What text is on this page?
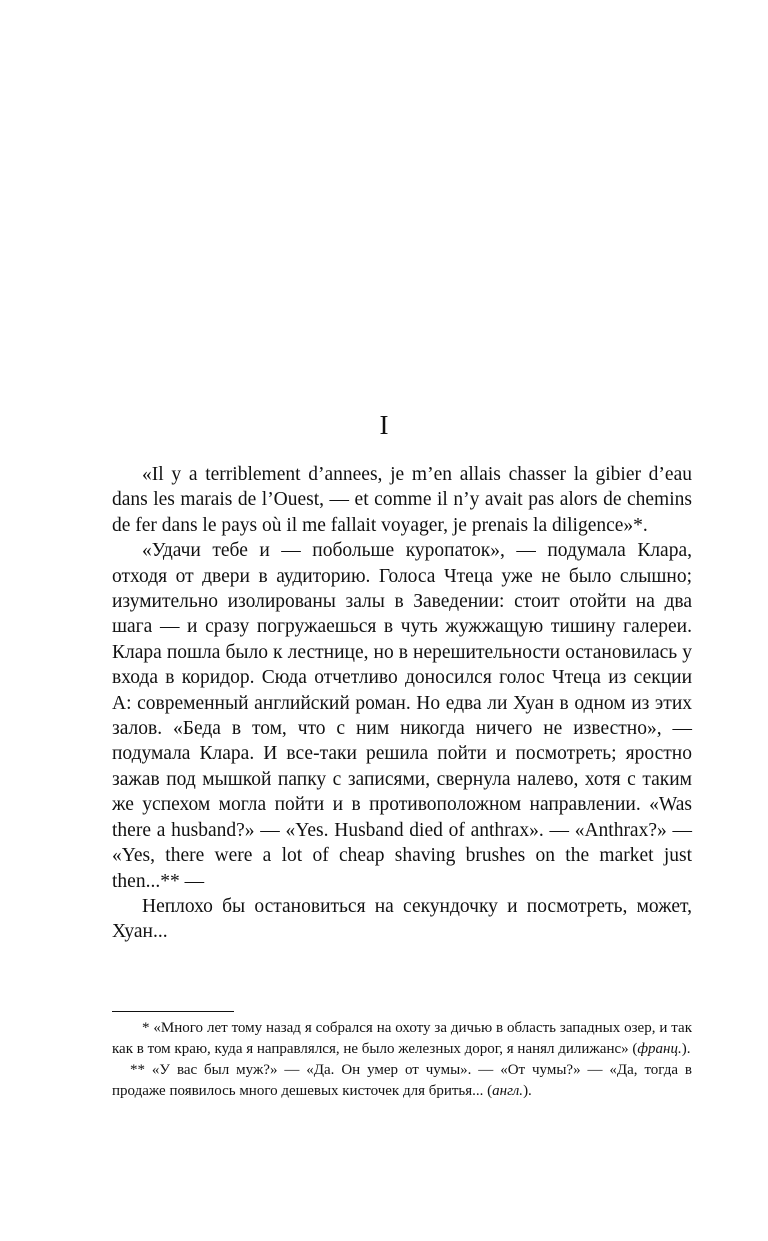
I

«Il y a terriblement d’annees, je m’en allais chasser la gibier d’eau dans les marais de l’Ouest, — et comme il n’y avait pas alors de chemins de fer dans le pays où il me fallait voyager, je prenais la diligence»*.

«Удачи тебе и — побольше куропаток», — подумала Клара, отходя от двери в аудиторию. Голоса Чтеца уже не было слышно; изумительно изолированы залы в Заведении: стоит отойти на два шага — и сразу погружаешься в чуть жужжащую тишину галереи. Клара пошла было к лестнице, но в нерешительности остановилась у входа в коридор. Сюда отчетливо доносился голос Чтеца из секции А: современный английский роман. Но едва ли Хуан в одном из этих залов. «Беда в том, что с ним никогда ничего не известно», — подумала Клара. И все-таки решила пойти и посмотреть; яростно зажав под мышкой папку с записями, свернула налево, хотя с таким же успехом могла пойти и в противоположном направлении. «Was there a husband?» — «Yes. Husband died of anthrax». — «Anthrax?» — «Yes, there were a lot of cheap shaving brushes on the market just then...** —

Неплохо бы остановиться на секундочку и посмотреть, может, Хуан...

* «Много лет тому назад я собрался на охоту за дичью в область западных озер, и так как в том краю, куда я направлялся, не было железных дорог, я нанял дилижанс» (франц.).

** «У вас был муж?» — «Да. Он умер от чумы». — «От чумы?» — «Да, тогда в продаже появилось много дешевых кисточек для бритья... (англ.).
